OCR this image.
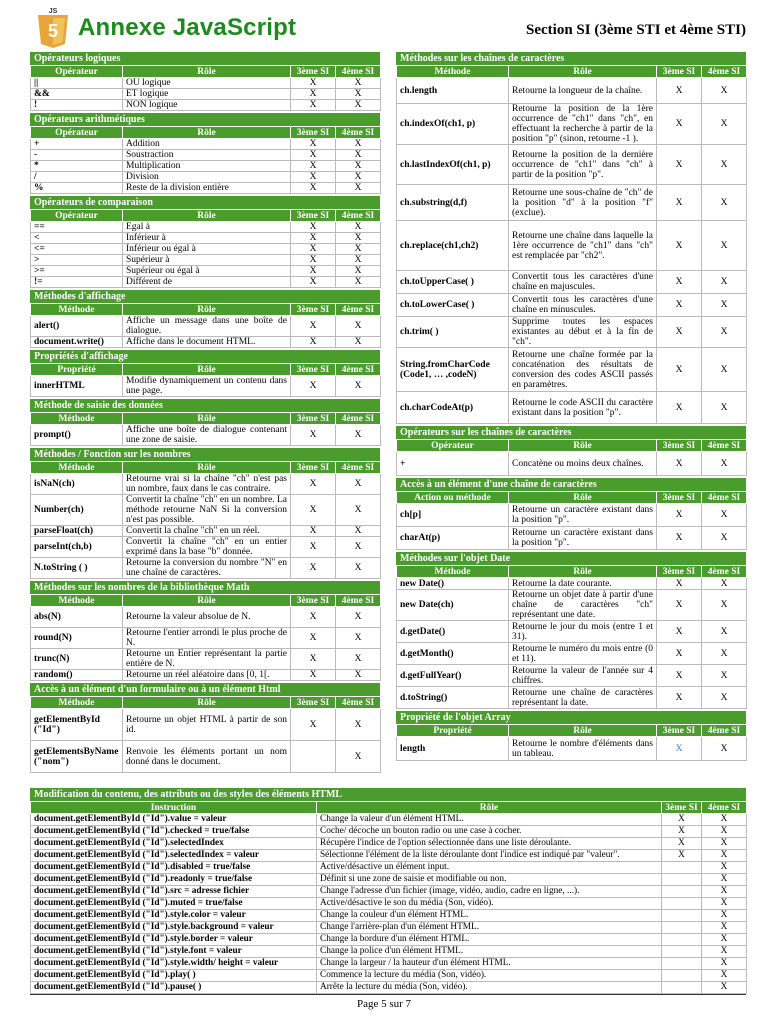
JS
5 Annexe JavaScript	Section SI (3ème STI et 4ème STI)
Opérateurs logiques
Opérateur	Rôle	3ème SI	4ème SI
||	OU logique	X	X
&&	ET logique	X	X
!	NON logique	X	X
Opérateurs arithmétiques
Opérateur	Rôle	3ème SI	4ème SI
+	Addition	X	X
-	Soustraction	X	X
*	Multiplication	X	X
/	Division	X	X
%	Reste de la division entière	X	X
Opérateurs de comparaison
Opérateur	Rôle	3ème SI	4ème SI
==	Égal à	X	X
<	Inférieur à	X	X
<=	Inférieur ou égal à	X	X
>	Supérieur à	X	X
>=	Supérieur ou égal à	X	X
!=	Différent de	X	X
Méthodes d'affichage
Méthode	Rôle	3ème SI	4ème SI
alert()	Affiche un message dans une boîte de dialogue.	X	X
document.write()	Affiche dans le document HTML.	X	X
Propriétés d'affichage
Propriété	Rôle	3ème SI	4ème SI
innerHTML	Modifie dynamiquement un contenu dans une page.	X	X
Méthode de saisie des données
Méthode	Rôle	3ème SI	4ème SI
prompt()	Affiche une boîte de dialogue contenant une zone de saisie.	X	X
Méthodes / Fonction sur les nombres
Méthode	Rôle	3ème SI	4ème SI
isNaN(ch)	Retourne vrai si la chaîne "ch" n'est pas un nombre, faux dans le cas contraire.	X	X
Number(ch)	Convertit la chaîne "ch" en un nombre. La méthode retourne NaN Si la conversion n'est pas possible.	X	X
parseFloat(ch)	Convertit la chaîne "ch" en un réel.	X	X
parseInt(ch,b)	Convertit la chaîne "ch" en un entier exprimé dans la base "b" donnée.	X	X
N.toString ( )	Retourne la conversion du nombre "N" en une chaîne de caractères.	X	X
Méthodes sur les nombres de la bibliothèque Math
Méthode	Rôle	3ème SI	4ème SI
abs(N)	Retourne la valeur absolue de N.	X	X
round(N)	Retourne l'entier arrondi le plus proche de N.	X	X
trunc(N)	Retourne un Entier représentant la partie entière de N.	X	X
random()	Retourne un réel aléatoire dans [0, 1[.	X	X
Accès à un élément d'un formulaire ou à un élément Html
Méthode	Rôle	3ème SI	4ème SI
getElementById ("Id")	Retourne un objet HTML à partir de son id.	X	X
getElementsByName ("nom")	Renvoie les éléments portant un nom donné dans le document.		X
Méthodes sur les chaînes de caractères
Méthode	Rôle	3ème SI	4ème SI
ch.length	Retourne la longueur de la chaîne.	X	X
ch.indexOf(ch1, p)	Retourne la position de la 1ère occurrence de "ch1" dans "ch", en effectuant la recherche à partir de la position "p" (sinon, retourne -1 ).	X	X
ch.lastIndexOf(ch1, p)	Retourne la position de la dernière occurrence de "ch1" dans "ch" à partir de la position "p".	X	X
ch.substring(d,f)	Retourne une sous-chaîne de "ch" de la position "d" à la position "f" (exclue).	X	X
ch.replace(ch1,ch2)	Retourne une chaîne dans laquelle la 1ère occurrence de "ch1" dans "ch" est remplacée par "ch2".	X	X
ch.toUpperCase( )	Convertit tous les caractères d'une chaîne en majuscules.	X	X
ch.toLowerCase( )	Convertit tous les caractères d'une chaîne en minuscules.	X	X
ch.trim( )	Supprime toutes les espaces existantes au début et à la fin de "ch".	X	X
String.fromCharCode (Code1, … ,codeN)	Retourne une chaîne formée par la concaténation des résultats de conversion des codes ASCII passés en paramètres.	X	X
ch.charCodeAt(p)	Retourne le code ASCII du caractère existant dans la position "p".	X	X
Opérateurs sur les chaînes de caractères
Opérateur	Rôle	3ème SI	4ème SI
+	Concatène ou moins deux chaînes.	X	X
Accès à un élément d'une chaîne de caractères
Action ou méthode	Rôle	3ème SI	4ème SI
ch[p]	Retourne un caractère existant dans la position "p".	X	X
charAt(p)	Retourne un caractère existant dans la position "p".	X	X
Méthodes sur l'objet Date
Méthode	Rôle	3ème SI	4ème SI
new Date()	Retourne la date courante.	X	X
new Date(ch)	Retourne un objet date à partir d'une chaîne de caractères "ch" représentant une date.	X	X
d.getDate()	Retourne le jour du mois (entre 1 et 31).	X	X
d.getMonth()	Retourne le numéro du mois entre (0 et 11).	X	X
d.getFullYear()	Retourne la valeur de l'année sur 4 chiffres.	X	X
d.toString()	Retourne une chaîne de caractères représentant la date.	X	X
Propriété de l'objet Array
Propriété	Rôle	3ème SI	4ème SI
length	Retourne le nombre d'éléments dans un tableau.	X	X
Modification du contenu, des attributs ou des styles des éléments HTML
Instruction	Rôle	3ème SI	4ème SI
document.getElementById ("Id").value = valeur	Change la valeur d'un élément HTML.	X	X
document.getElementById ("Id").checked = true/false	Coche/ décoche un bouton radio ou une case à cocher.	X	X
document.getElementById ("Id").selectedIndex	Récupère l'indice de l'option sélectionnée dans une liste déroulante.	X	X
document.getElementById ("Id").selectedIndex = valeur	Sélectionne l'élément de la liste déroulante dont l'indice est indiqué par "valeur".	X	X
document.getElementById ("Id").disabled = true/false	Active/désactive un élément input.		X
document.getElementById ("Id").readonly = true/false	Définit si une zone de saisie et modifiable ou non.		X
document.getElementById ("Id").src = adresse fichier	Change l'adresse d'un fichier (image, vidéo, audio, cadre en ligne, ...).		X
document.getElementById ("Id").muted = true/false	Active/désactive le son du média (Son, vidéo).		X
document.getElementById ("Id").style.color = valeur	Change la couleur d'un élément HTML.		X
document.getElementById ("Id").style.background = valeur	Change l'arrière-plan d'un élément HTML.		X
document.getElementById ("Id").style.border = valeur	Change la bordure d'un élément HTML.		X
document.getElementById ("Id").style.font = valeur	Change la police d'un élément HTML.		X
document.getElementById ("Id").style.width/ height = valeur	Change la largeur / la hauteur d'un élément HTML.		X
document.getElementById ("Id").play( )	Commence la lecture du média (Son, vidéo).		X
document.getElementById ("Id").pause( )	Arrête la lecture du média (Son, vidéo).		X
Page 5 sur 7
